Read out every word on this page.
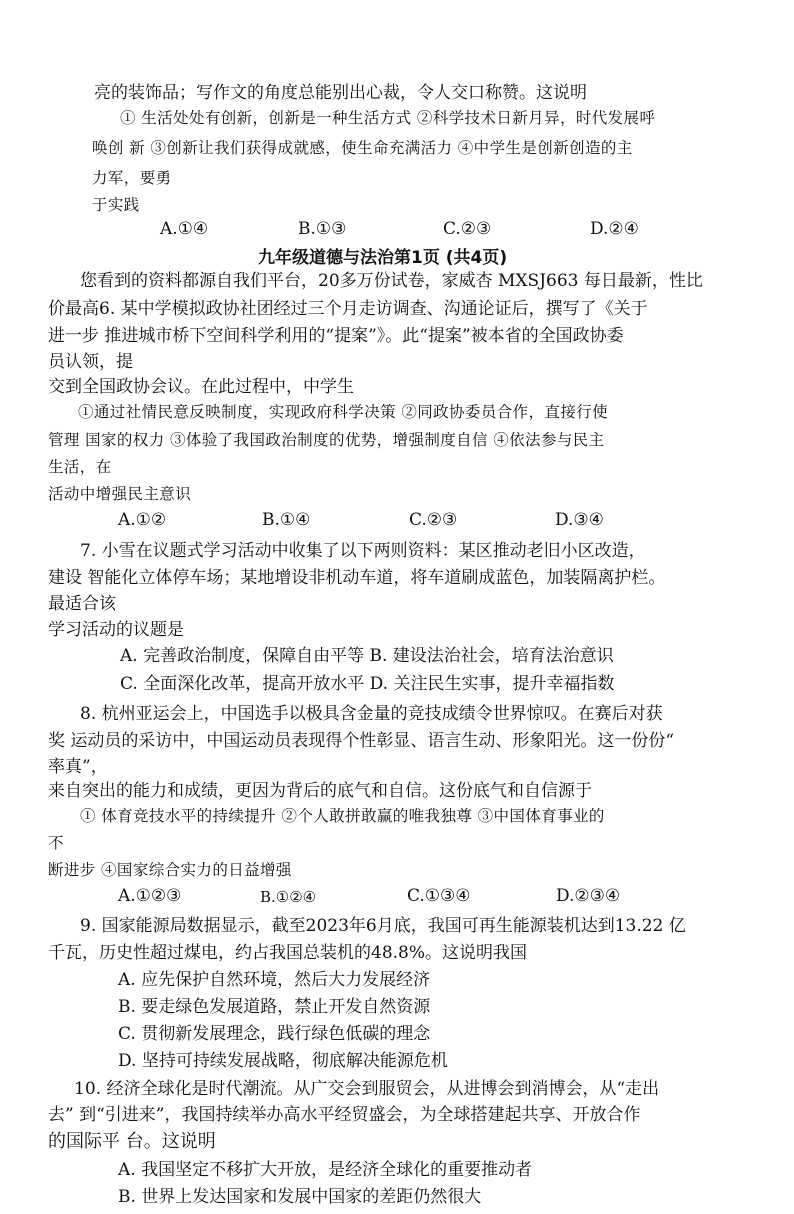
亮的装饰品；写作文的角度总能别出心裁，令人交口称赞。这说明

① 生活处处有创新，创新是一种生活方式 ②科学技术日新月异，时代发展呼

唤创 新 ③创新让我们获得成就感，使生命充满活力 ④中学生是创新创造的主

力军，要勇

于实践

A.①④	B.①③	C.②③	D.②④

九年级道德与法治第1页 (共4页)

您看到的资料都源自我们平台，20多万份试卷，家威杏 MXSJ663 每日最新，性比

价最高6. 某中学模拟政协社团经过三个月走访调查、沟通论证后，撰写了《关于

进一步 推进城市桥下空间科学利用的“提案”》。此“提案”被本省的全国政协委

员认领，提

交到全国政协会议。在此过程中，中学生

①通过社情民意反映制度，实现政府科学决策 ②同政协委员合作，直接行使

管理 国家的权力 ③体验了我国政治制度的优势，增强制度自信 ④依法参与民主

生活，在

活动中增强民主意识

A.①②	B.①④	C.②③	D.③④

7. 小雪在议题式学习活动中收集了以下两则资料：某区推动老旧小区改造，

建设 智能化立体停车场；某地增设非机动车道，将车道刷成蓝色，加装隔离护栏。

最适合该

学习活动的议题是

A. 完善政治制度，保障自由平等 B. 建设法治社会，培育法治意识

C. 全面深化改革，提高开放水平 D. 关注民生实事，提升幸福指数

8. 杭州亚运会上，中国选手以极具含金量的竞技成绩令世界惊叹。在赛后对获

奖 运动员的采访中，中国运动员表现得个性彰显、语言生动、形象阳光。这一份份“

率真”，

来自突出的能力和成绩，更因为背后的底气和自信。这份底气和自信源于

① 体育竞技水平的持续提升 ②个人敢拼敢赢的唯我独尊 ③中国体育事业的

不

断进步 ④国家综合实力的日益增强

A.①②③	B.①②④	C.①③④	D.②③④

9. 国家能源局数据显示，截至2023年6月底，我国可再生能源装机达到13.22 亿

千瓦，历史性超过煤电，约占我国总装机的48.8%。这说明我国

A. 应先保护自然环境，然后大力发展经济

B. 要走绿色发展道路，禁止开发自然资源

C. 贯彻新发展理念，践行绿色低碳的理念

D. 坚持可持续发展战略，彻底解决能源危机

10. 经济全球化是时代潮流。从广交会到服贸会，从进博会到消博会，从“走出

去” 到“引进来”，我国持续举办高水平经贸盛会，为全球搭建起共享、开放合作

的国际平 台。这说明

A. 我国坚定不移扩大开放，是经济全球化的重要推动者

B. 世界上发达国家和发展中国家的差距仍然很大
